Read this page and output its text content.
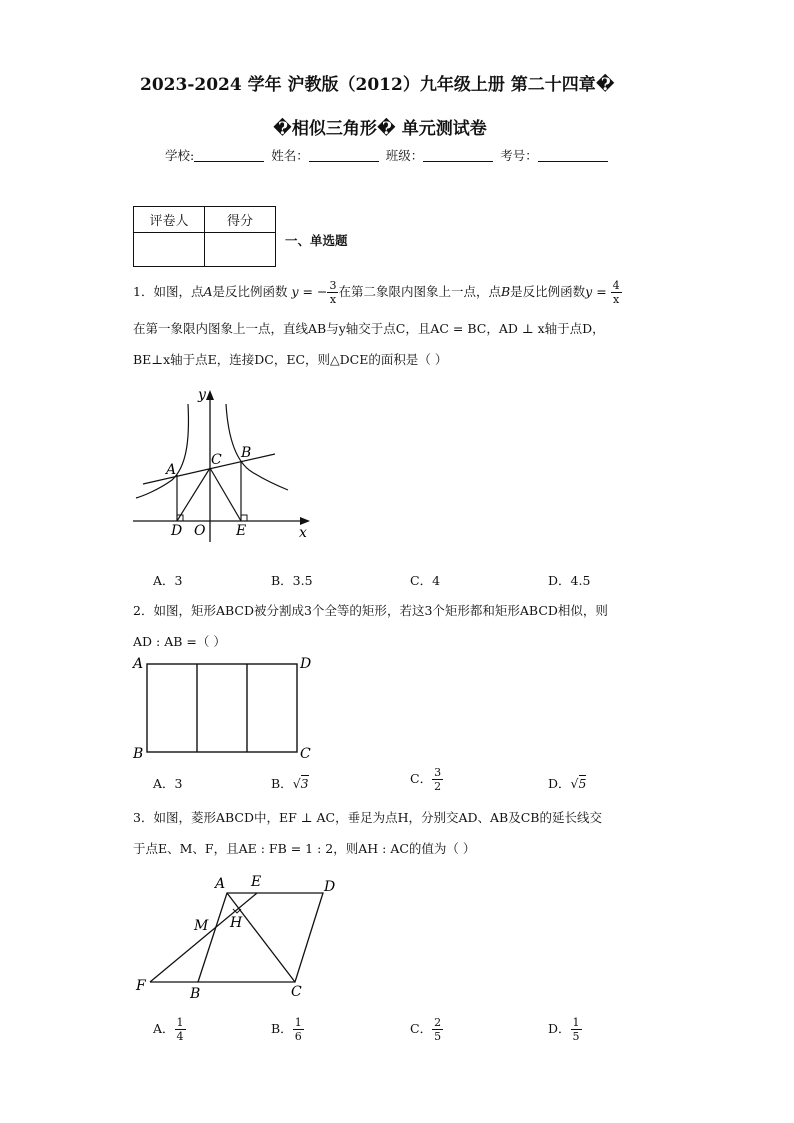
2023-2024 学年 沪教版（2012）九年级上册 第二十四章�
�相似三角形� 单元测试卷
学校:	姓名：	班级：	考号：
评卷人	得分

一、单选题
1．如图，点A是反比例函数 y = − $\frac{3}{x}$ 在第二象限内图象上一点，点B是反比例函数$y = \frac{4}{x}$
在第一象限内图象上一点，直线AB与y轴交于点C，且AC = BC，AD ⊥ x轴于点D，
BE⊥x轴于点E，连接DC，EC，则△DCE的面积是（ ）
y
x
A
B
C
D O E
A．3	B．3.5	C．4	D．4.5
2．如图，矩形ABCD被分割成3个全等的矩形，若这3个矩形都和矩形ABCD相似，则
AD : AB =（ ）
A	D
B	C
A．3	B．√3	C． $\frac{3}{2}$	D．√5
3．如图，菱形ABCD中，EF ⊥ AC，垂足为点H，分别交AD、AB及CB的延长线交
于点E、M、F，且AE : FB = 1 : 2，则AH : AC的值为（ ）
A E	D
M H
F	B	C
A． $\frac{1}{4}$	B． $\frac{1}{6}$	C． $\frac{2}{5}$	D． $\frac{1}{5}$
